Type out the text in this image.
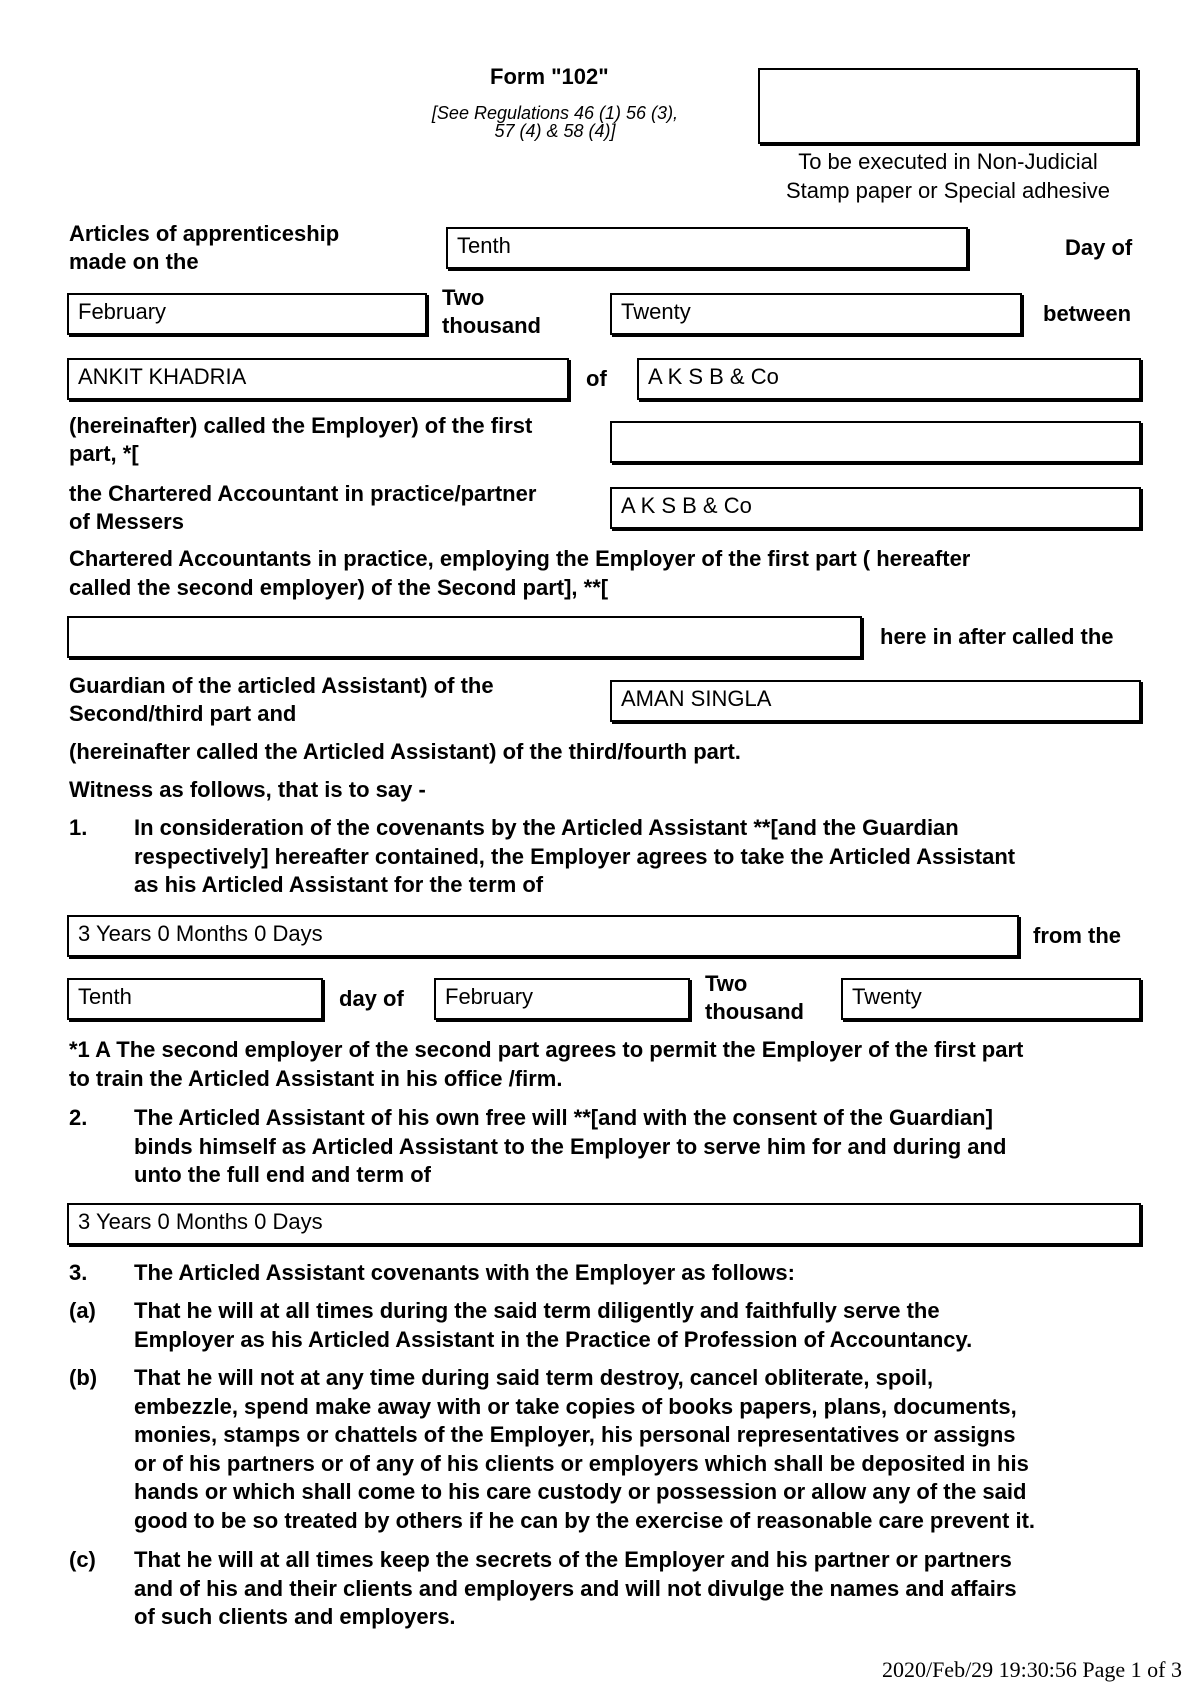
Form "102"
[See Regulations 46 (1) 56 (3),
57 (4) & 58 (4)]
To be executed in Non-Judicial
Stamp paper or Special adhesive
Articles of apprenticeship
made on the
Tenth	Day of
February
Two
thousand
Twenty	between
ANKIT KHADRIA	of	A K S B & Co
(hereinafter) called the Employer) of the first
part, *[
the Chartered Accountant in practice/partner
of Messers
A K S B & Co
Chartered Accountants in practice, employing the Employer of the first part ( hereafter
called the second employer) of the Second part], **[
here in after called the
Guardian of the articled Assistant) of the
Second/third part and
AMAN SINGLA
(hereinafter called the Articled Assistant) of the third/fourth part.
Witness as follows, that is to say -
1. In consideration of the covenants by the Articled Assistant **[and the Guardian
respectively] hereafter contained, the Employer agrees to take the Articled Assistant
as his Articled Assistant for the term of
3 Years 0 Months 0 Days	from the
Tenth	day of	February
Two
thousand
Twenty
*1 A The second employer of the second part agrees to permit the Employer of the first part
to train the Articled Assistant in his office /firm.
2. The Articled Assistant of his own free will **[and with the consent of the Guardian]
binds himself as Articled Assistant to the Employer to serve him for and during and
unto the full end and term of
3 Years 0 Months 0 Days
3. The Articled Assistant covenants with the Employer as follows:
(a) That he will at all times during the said term diligently and faithfully serve the
Employer as his Articled Assistant in the Practice of Profession of Accountancy.
(b) That he will not at any time during said term destroy, cancel obliterate, spoil,
embezzle, spend make away with or take copies of books papers, plans, documents,
monies, stamps or chattels of the Employer, his personal representatives or assigns
or of his partners or of any of his clients or employers which shall be deposited in his
hands or which shall come to his care custody or possession or allow any of the said
good to be so treated by others if he can by the exercise of reasonable care prevent it.
(c) That he will at all times keep the secrets of the Employer and his partner or partners
and of his and their clients and employers and will not divulge the names and affairs
of such clients and employers.
2020/Feb/29 19:30:56 Page 1 of 3
